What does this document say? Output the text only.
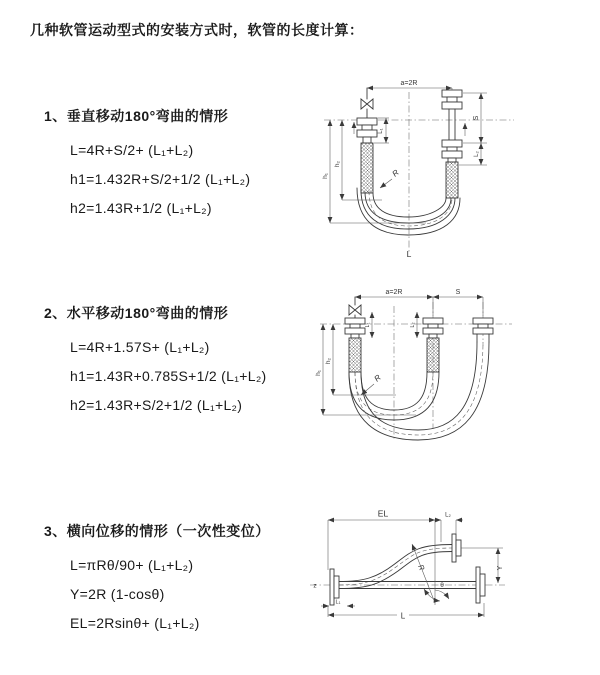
几种软管运动型式的安装方式时，软管的长度计算：
1、垂直移动180°弯曲的情形
L=4R+S/2+ (L₁+L₂)
h1=1.432R+S/2+1/2 (L₁+L₂)
h2=1.43R+1/2 (L₁+L₂)
2、水平移动180°弯曲的情形
L=4R+1.57S+ (L₁+L₂)
h1=1.43R+0.785S+1/2 (L₁+L₂)
h2=1.43R+S/2+1/2 (L₁+L₂)
3、横向位移的情形（一次性变位）
L=πRθ/90+ (L₁+L₂)
Y=2R (1-cosθ)
EL=2Rsinθ+ (L₁+L₂)
a=2R
L₁
S
L₂
h₁
h₂
R
L
a=2R	S
h₁
h₂
L₁	L₂
R
EL	L₂
Y
R
θ
L₁
L
z
